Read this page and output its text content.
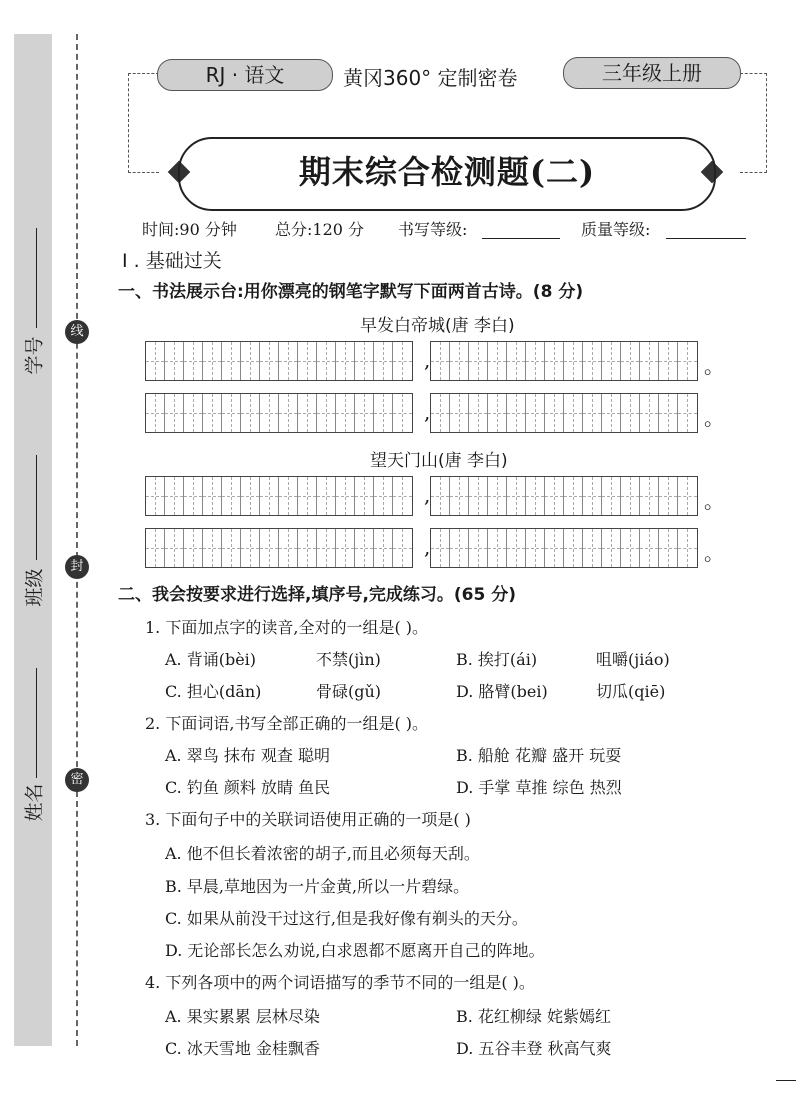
学号
班级
姓名
线
封
密
RJ · 语文	黄冈360° 定制密卷	三年级上册
期末综合检测题(二)
时间:90 分钟 总分:120 分 书写等级:	质量等级:
I . 基础过关
一、书法展示台:用你漂亮的钢笔字默写下面两首古诗。(8 分)
早发白帝城(唐 李白)
,	。
,	。
望天门山(唐 李白)
,	。
,	。
二、我会按要求进行选择,填序号,完成练习。(65 分)
1. 下面加点字的读音,全对的一组是( )。
A. 背诵(bèi)	不禁(jìn)	B. 挨打(ái)	咀嚼(jiáo)
C. 担心(dān)	骨碌(gǔ)	D. 胳臂(bei)	切瓜(qiē)
2. 下面词语,书写全部正确的一组是( )。
A. 翠鸟 抹布 观查 聪明	B. 船舱 花瓣 盛开 玩耍
C. 钓鱼 颜料 放睛 鱼民	D. 手掌 草推 综色 热烈
3. 下面句子中的关联词语使用正确的一项是( )
A. 他不但长着浓密的胡子,而且必须每天刮。
B. 早晨,草地因为一片金黄,所以一片碧绿。
C. 如果从前没干过这行,但是我好像有剃头的天分。
D. 无论部长怎么劝说,白求恩都不愿离开自己的阵地。
4. 下列各项中的两个词语描写的季节不同的一组是( )。
A. 果实累累 层林尽染	B. 花红柳绿 姹紫嫣红
C. 冰天雪地 金桂飘香	D. 五谷丰登 秋高气爽
